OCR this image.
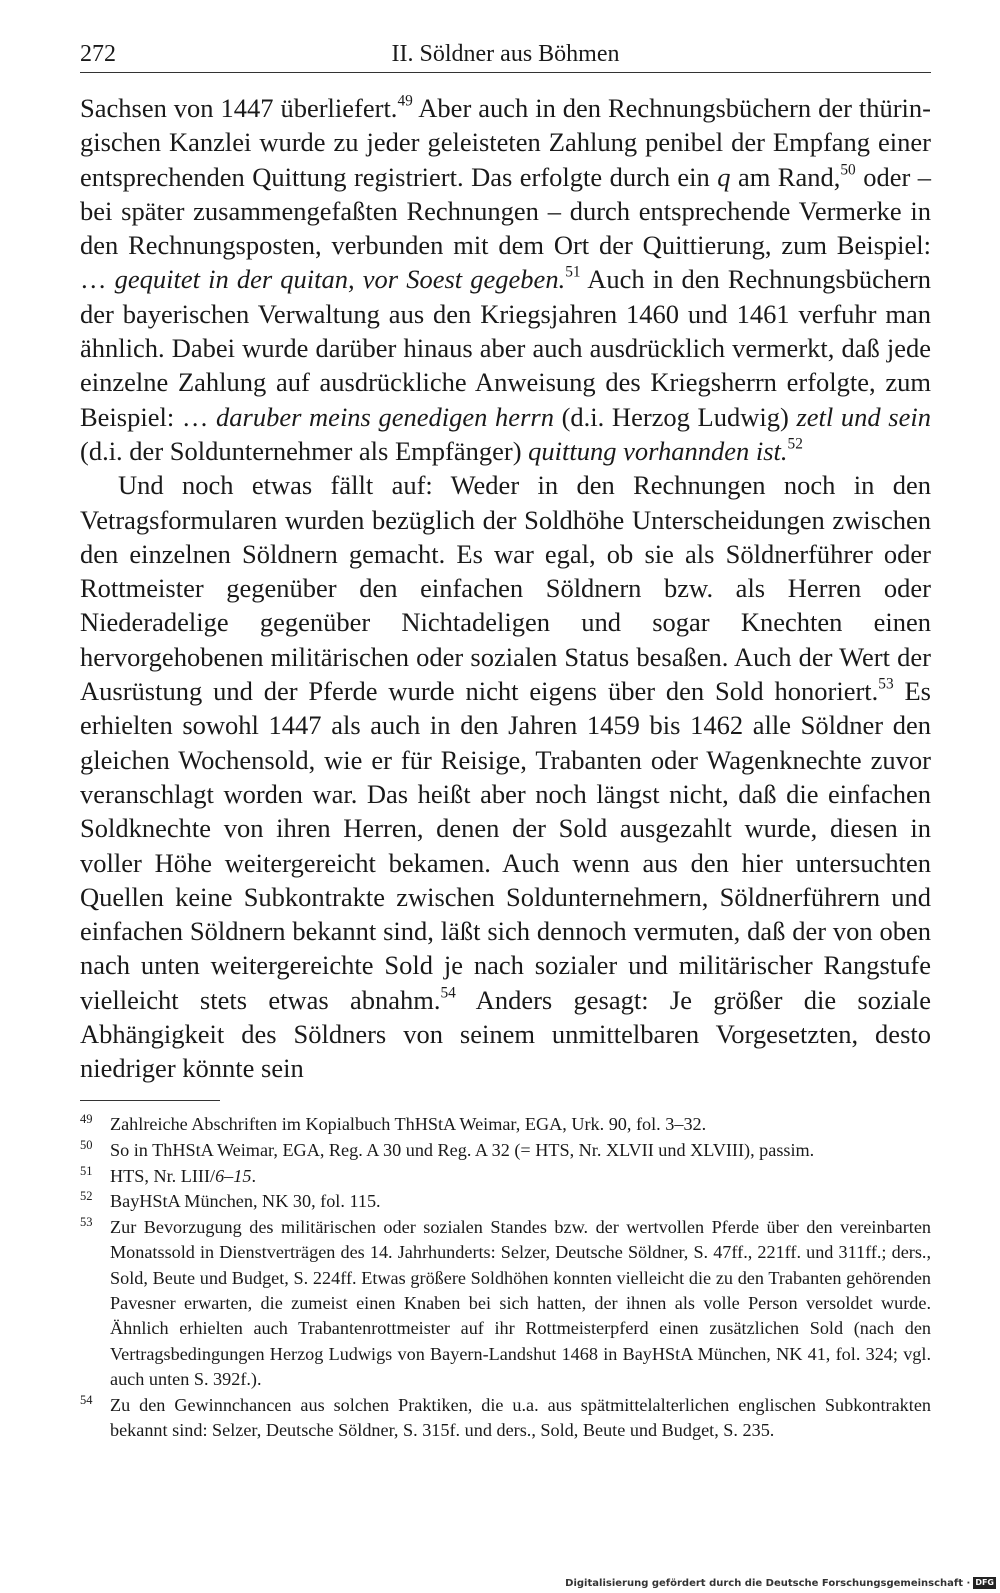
272	II. Söldner aus Böhmen

Sachsen von 1447 überliefert.$^{49}$ Aber auch in den Rechnungsbüchern der thüringischen Kanzlei wurde zu jeder geleisteten Zahlung penibel der Empfang einer entsprechenden Quittung registriert. Das erfolgte durch ein q am Rand,$^{50}$ oder – bei später zusammengefaßten Rechnungen – durch entsprechende Vermerke in den Rechnungsposten, verbunden mit dem Ort der Quittierung, zum Beispiel: … gequitet in der quitan, vor Soest gegeben.$^{51}$ Auch in den Rechnungsbüchern der bayerischen Verwaltung aus den Kriegsjahren 1460 und 1461 verfuhr man ähnlich. Dabei wurde darüber hinaus aber auch ausdrücklich vermerkt, daß jede einzelne Zahlung auf ausdrückliche Anweisung des Kriegsherrn erfolgte, zum Beispiel: … daruber meins genedigen herrn (d.i. Herzog Ludwig) zetl und sein (d.i. der Soldunternehmer als Empfänger) quittung vorhannden ist.$^{52}$

Und noch etwas fällt auf: Weder in den Rechnungen noch in den Vetragsformularen wurden bezüglich der Soldhöhe Unterscheidungen zwischen den einzelnen Söldnern gemacht. Es war egal, ob sie als Söldnerführer oder Rottmeister gegenüber den einfachen Söldnern bzw. als Herren oder Niederadelige gegenüber Nichtadeligen und sogar Knechten einen hervorgehobenen militärischen oder sozialen Status besaßen. Auch der Wert der Ausrüstung und der Pferde wurde nicht eigens über den Sold honoriert.$^{53}$ Es erhielten sowohl 1447 als auch in den Jahren 1459 bis 1462 alle Söldner den gleichen Wochensold, wie er für Reisige, Trabanten oder Wagenknechte zuvor veranschlagt worden war. Das heißt aber noch längst nicht, daß die einfachen Soldknechte von ihren Herren, denen der Sold ausgezahlt wurde, diesen in voller Höhe weitergereicht bekamen. Auch wenn aus den hier untersuchten Quellen keine Subkontrakte zwischen Soldunternehmern, Söldnerführern und einfachen Söldnern bekannt sind, läßt sich dennoch vermuten, daß der von oben nach unten weitergereichte Sold je nach sozialer und militärischer Rangstufe vielleicht stets etwas abnahm.$^{54}$ Anders gesagt: Je größer die soziale Abhängigkeit des Söldners von seinem unmittelbaren Vorgesetzten, desto niedriger könnte sein

49 Zahlreiche Abschriften im Kopialbuch ThHStA Weimar, EGA, Urk. 90, fol. 3–32.
50 So in ThHStA Weimar, EGA, Reg. A 30 und Reg. A 32 (= HTS, Nr. XLVII und XLVIII), passim.
51 HTS, Nr. LIII/6–15.
52 BayHStA München, NK 30, fol. 115.
53 Zur Bevorzugung des militärischen oder sozialen Standes bzw. der wertvollen Pferde über den vereinbarten Monatssold in Dienstverträgen des 14. Jahrhunderts: Selzer, Deutsche Söldner, S. 47ff., 221ff. und 311ff.; ders., Sold, Beute und Budget, S. 224ff. Etwas größere Soldhöhen konnten vielleicht die zu den Trabanten gehörenden Pavesner erwarten, die zumeist einen Knaben bei sich hatten, der ihnen als volle Person versoldet wurde. Ähnlich erhielten auch Trabantenrottmeister auf ihr Rottmeisterpferd einen zusätzlichen Sold (nach den Vertragsbedingungen Herzog Ludwigs von Bayern-Landshut 1468 in BayHStA München, NK 41, fol. 324; vgl. auch unten S. 392f.).
54 Zu den Gewinnchancen aus solchen Praktiken, die u.a. aus spätmittelalterlichen englischen Subkontrakten bekannt sind: Selzer, Deutsche Söldner, S. 315f. und ders., Sold, Beute und Budget, S. 235.
Digitalisierung gefördert durch die Deutsche Forschungsgemeinschaft · DFG
